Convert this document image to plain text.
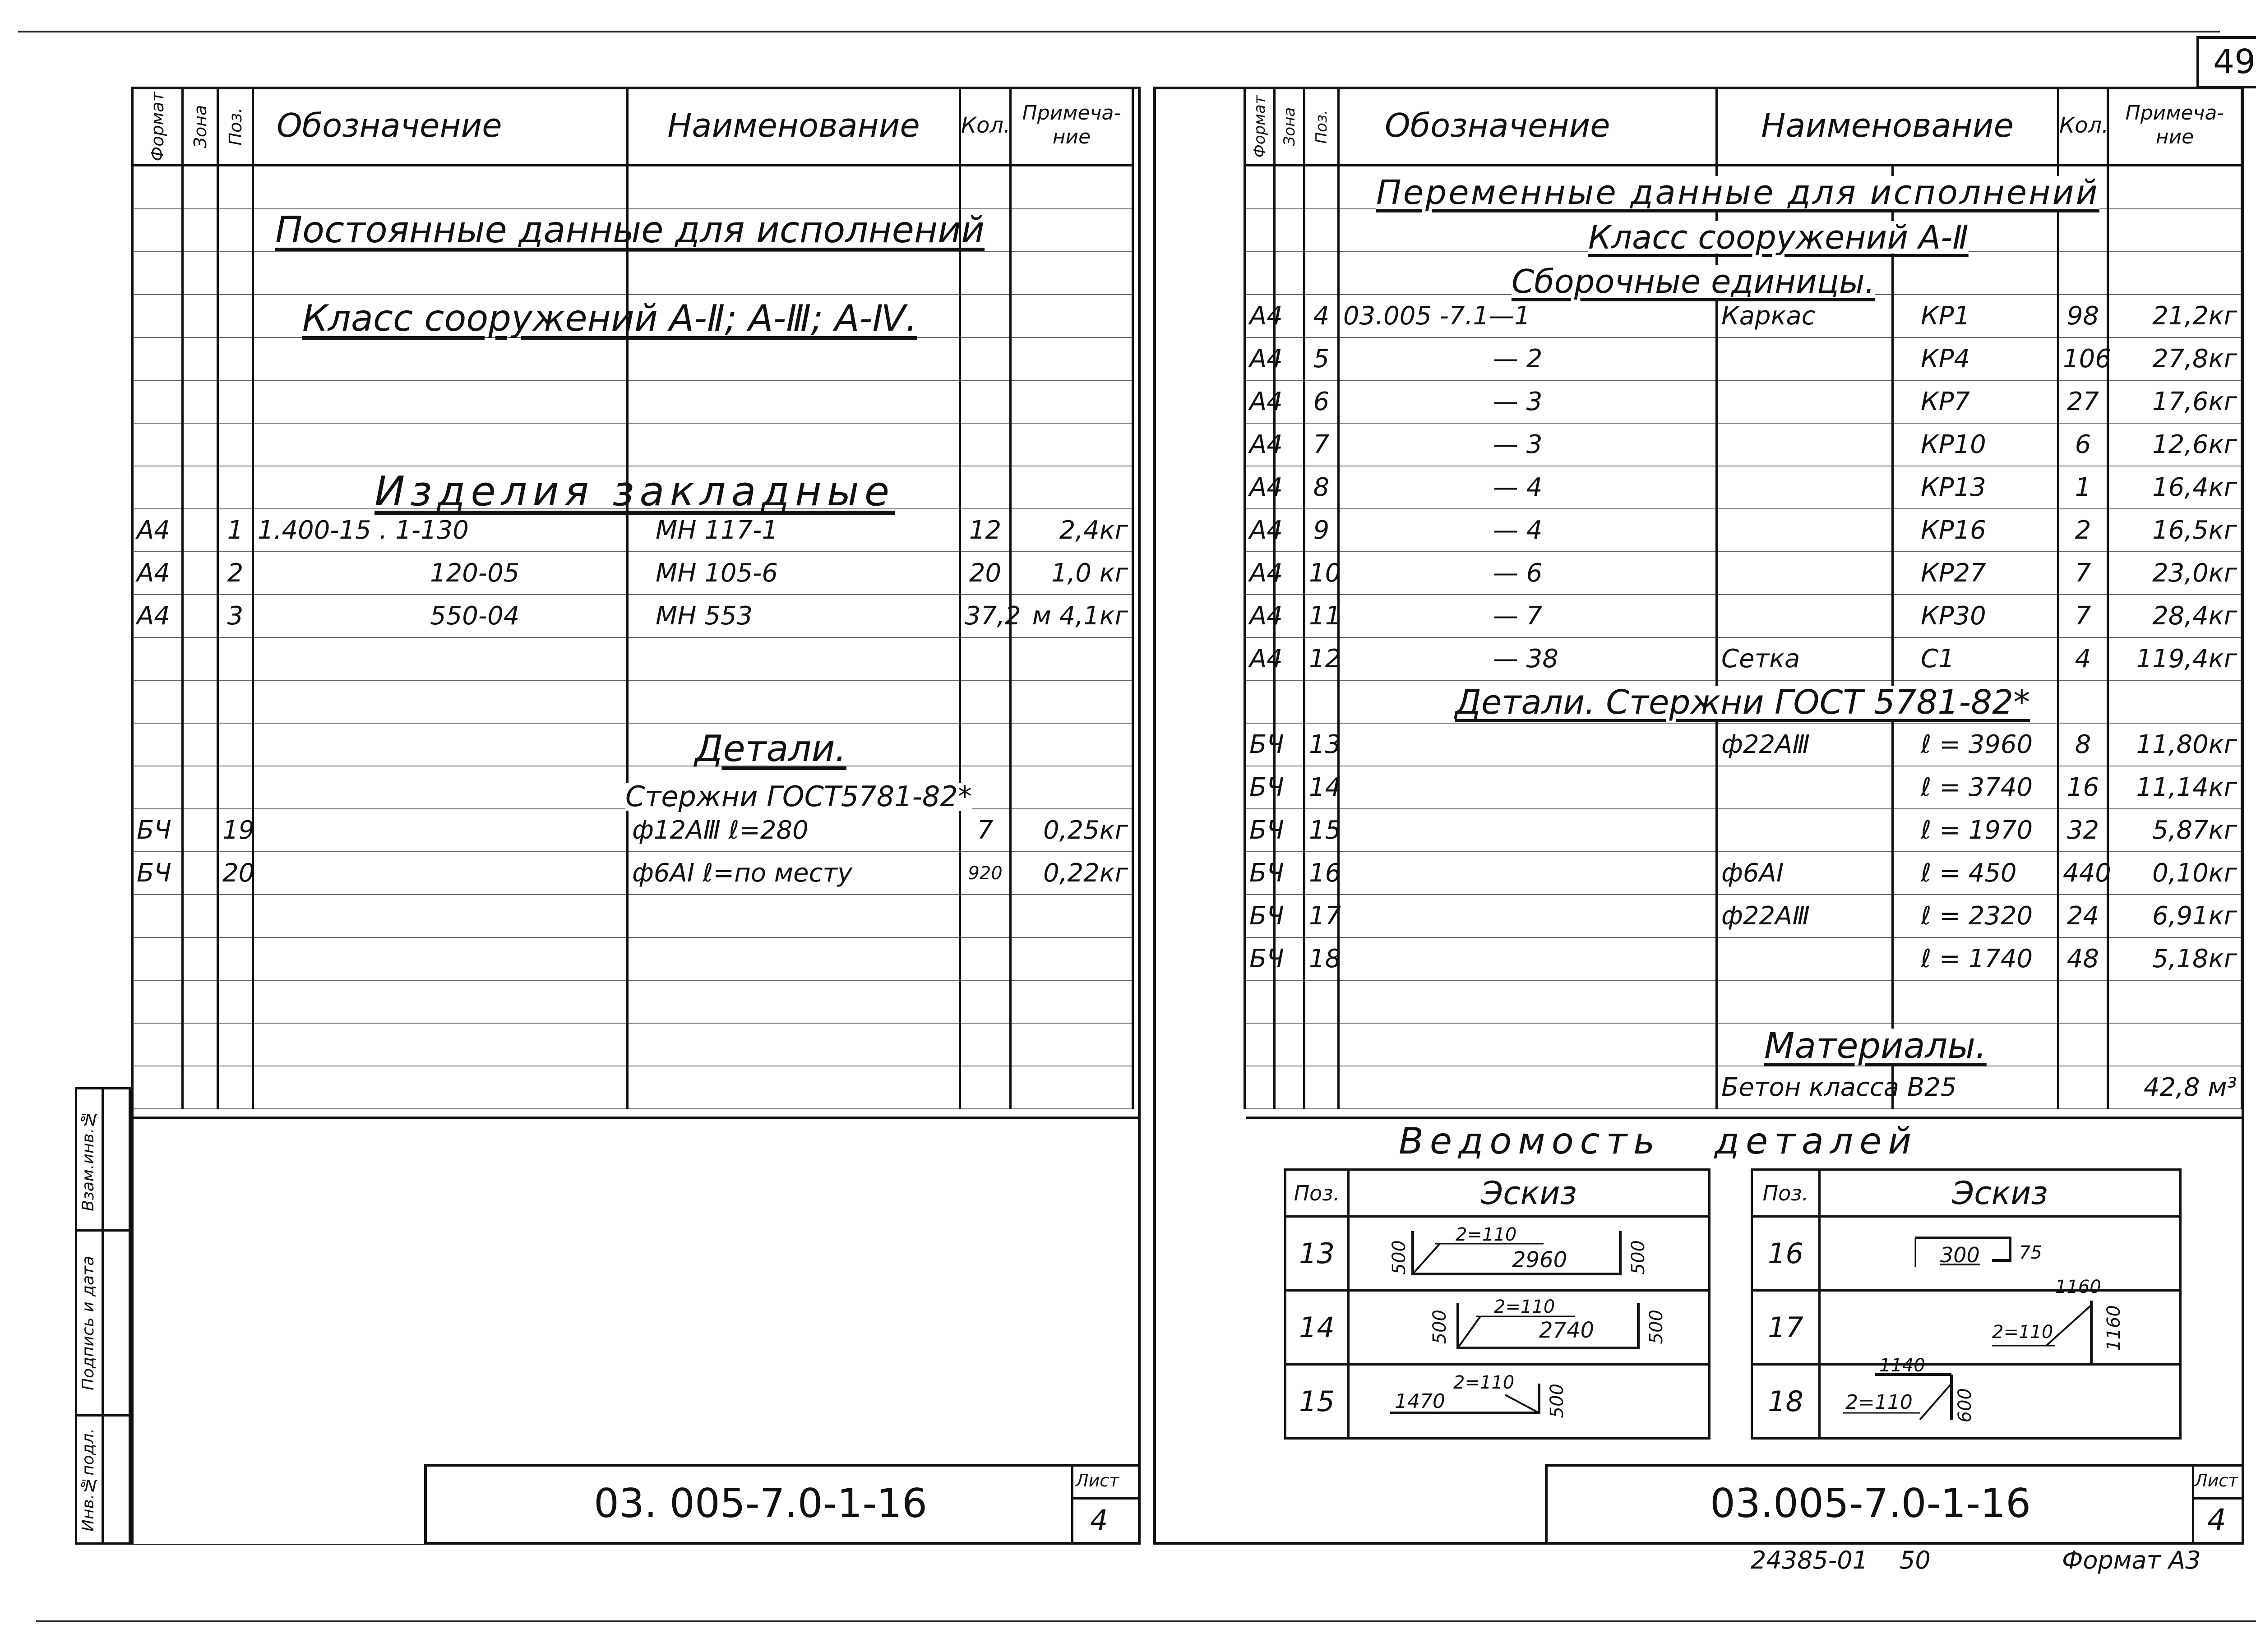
49
Формат	Зона	Поз.	Обозначение	Наименование	Кол.	Примеча-ние

А4		1	1.400-15 . 1-130	МН 117-1	12	2,4кг
А4		2	120-05	МН 105-6	20	1,0 кг
А4		3	550-04	МН 553	37,2	м 4,1кг

БЧ		19		ф12АⅢ ℓ=280	7	0,25кг
БЧ		20		ф6АI ℓ=по месту	920	0,22кг

Постоянные данные для исполнений
Класс сооружений А-Ⅱ; А-Ⅲ; А-Ⅳ.
Изделия закладные
Детали.
Стержни ГОСТ5781-82*
Инв.№подл.
Подпись и дата
Взам.инв.№
03. 005-7.0-1-16	Лист
4
Формат	Зона	Поз.	Обозначение	Наименование		Кол.	Примеча-ние

А4		4	03.005 -7.1—1	Каркас	КР1	98	21,2кг
А4		5	— 2		КР4	106	27,8кг
А4		6	— 3		КР7	27	17,6кг
А4		7	— 3		КР10	6	12,6кг
А4		8	— 4		КР13	1	16,4кг
А4		9	— 4		КР16	2	16,5кг
А4		10	— 6		КР27	7	23,0кг
А4		11	— 7		КР30	7	28,4кг
А4		12	— 38	Сетка	С1	4	119,4кг

БЧ		13		ф22АⅢ	ℓ = 3960	8	11,80кг
БЧ		14			ℓ = 3740	16	11,14кг
БЧ		15			ℓ = 1970	32	5,87кг
БЧ		16		ф6АI	ℓ = 450	440	0,10кг
БЧ		17		ф22АⅢ	ℓ = 2320	24	6,91кг
БЧ		18			ℓ = 1740	48	5,18кг

				Бетон класса В25			42,8 м³
Переменные данные для исполнений
Класс сооружений А-Ⅱ
Сборочные единицы.
Детали. Стержни ГОСТ 5781-82*
Материалы.
Ведомость   деталей
Поз.	Эскиз
13	500
2=110
2960 500

14	500
2=110
2740 500

15	2=110
1470 500
Поз.	Эскиз
16	300 75

17	1160
2=110 1160

18	1140
2=110 600
03.005-7.0-1-16	Лист
4
24385-01 50	Формат А3
